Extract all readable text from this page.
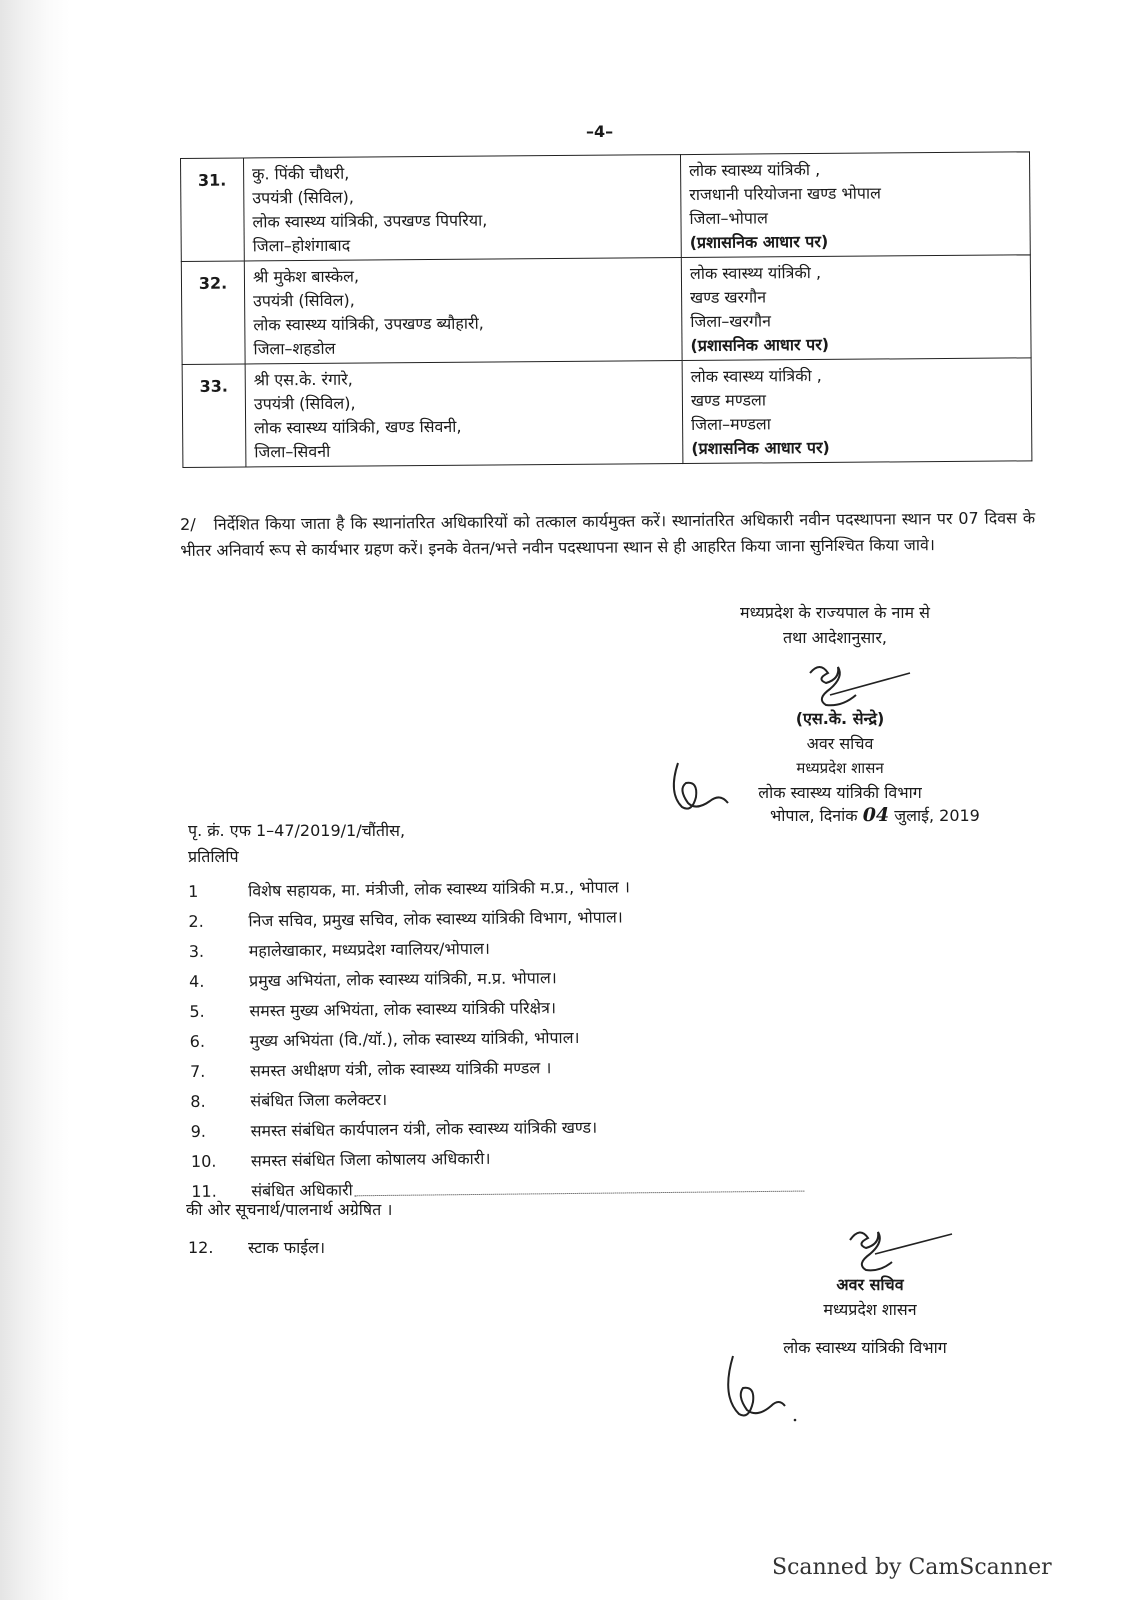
–4–
31.	कु. पिंकी चौधरी,
उपयंत्री (सिविल),
लोक स्वास्थ्य यांत्रिकी, उपखण्ड पिपरिया,
जिला–होशंगाबाद	लोक स्वास्थ्य यांत्रिकी ,
राजधानी परियोजना खण्ड भोपाल
जिला–भोपाल
(प्रशासनिक आधार पर)

32.	श्री मुकेश बास्केल,
उपयंत्री (सिविल),
लोक स्वास्थ्य यांत्रिकी, उपखण्ड ब्यौहारी,
जिला–शहडोल	लोक स्वास्थ्य यांत्रिकी ,
खण्ड खरगौन
जिला–खरगौन
(प्रशासनिक आधार पर)

33.	श्री एस.के. रंगारे,
उपयंत्री (सिविल),
लोक स्वास्थ्य यांत्रिकी, खण्ड सिवनी,
जिला–सिवनी	लोक स्वास्थ्य यांत्रिकी ,
खण्ड मण्डला
जिला–मण्डला
(प्रशासनिक आधार पर)
2/ निर्देशित किया जाता है कि स्थानांतरित अधिकारियों को तत्काल कार्यमुक्त करें। स्थानांतरित अधिकारी नवीन पदस्थापना स्थान पर 07 दिवस के भीतर अनिवार्य रूप से कार्यभार ग्रहण करें। इनके वेतन/भत्ते नवीन पदस्थापना स्थान से ही आहरित किया जाना सुनिश्चित किया जावे।
मध्यप्रदेश के राज्यपाल के नाम से
तथा आदेशानुसार,
(एस.के. सेन्द्रे)
अवर सचिव
मध्यप्रदेश शासन
लोक स्वास्थ्य यांत्रिकी विभाग
भोपाल, दिनांक 04 जुलाई, 2019
पृ. क्रं. एफ 1–47/2019/1/चौंतीस,
प्रतिलिपि
1	विशेष सहायक, मा. मंत्रीजी, लोक स्वास्थ्य यांत्रिकी म.प्र., भोपाल ।
2.	निज सचिव, प्रमुख सचिव, लोक स्वास्थ्य यांत्रिकी विभाग, भोपाल।
3.	महालेखाकार, मध्यप्रदेश ग्वालियर/भोपाल।
4.	प्रमुख अभियंता, लोक स्वास्थ्य यांत्रिकी, म.प्र. भोपाल।
5.	समस्त मुख्य अभियंता, लोक स्वास्थ्य यांत्रिकी परिक्षेत्र।
6.	मुख्य अभियंता (वि./यॉ.), लोक स्वास्थ्य यांत्रिकी, भोपाल।
7.	समस्त अधीक्षण यंत्री, लोक स्वास्थ्य यांत्रिकी मण्डल ।
8.	संबंधित जिला कलेक्टर।
9.	समस्त संबंधित कार्यपालन यंत्री, लोक स्वास्थ्य यांत्रिकी खण्ड।
10.	समस्त संबंधित जिला कोषालय अधिकारी।
11.	संबंधित अधिकारी
की ओर सूचनार्थ/पालनार्थ अग्रेषित ।
12. स्टाक फाईल।
अवर सचिव
मध्यप्रदेश शासन
लोक स्वास्थ्य यांत्रिकी विभाग
Scanned by CamScanner
